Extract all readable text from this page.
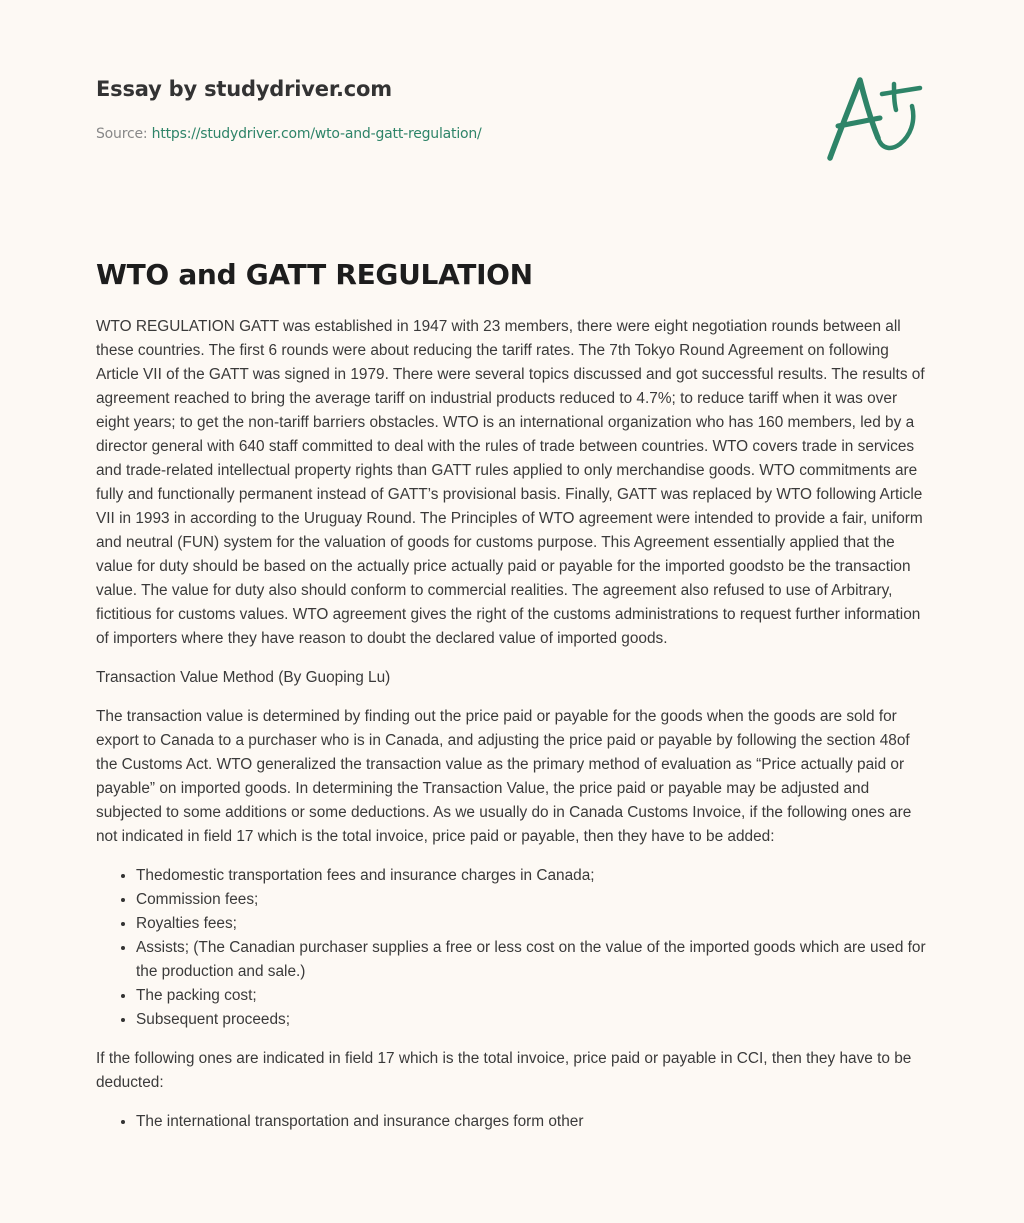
Essay by studydriver.com
Source: https://studydriver.com/wto-and-gatt-regulation/
WTO and GATT REGULATION

WTO REGULATION GATT was established in 1947 with 23 members, there were eight negotiation rounds between all these countries. The first 6 rounds were about reducing the tariff rates. The 7th Tokyo Round Agreement on following Article VII of the GATT was signed in 1979. There were several topics discussed and got successful results. The results of agreement reached to bring the average tariff on industrial products reduced to 4.7%; to reduce tariff when it was over eight years; to get the non-tariff barriers obstacles. WTO is an international organization who has 160 members, led by a director general with 640 staff committed to deal with the rules of trade between countries. WTO covers trade in services and trade-related intellectual property rights than GATT rules applied to only merchandise goods. WTO commitments are fully and functionally permanent instead of GATT’s provisional basis. Finally, GATT was replaced by WTO following Article VII in 1993 in according to the Uruguay Round. The Principles of WTO agreement were intended to provide a fair, uniform and neutral (FUN) system for the valuation of goods for customs purpose. This Agreement essentially applied that the value for duty should be based on the actually price actually paid or payable for the imported goodsto be the transaction value. The value for duty also should conform to commercial realities. The agreement also refused to use of Arbitrary, fictitious for customs values. WTO agreement gives the right of the customs administrations to request further information of importers where they have reason to doubt the declared value of imported goods.

Transaction Value Method (By Guoping Lu)

The transaction value is determined by finding out the price paid or payable for the goods when the goods are sold for export to Canada to a purchaser who is in Canada, and adjusting the price paid or payable by following the section 48of the Customs Act. WTO generalized the transaction value as the primary method of evaluation as “Price actually paid or payable” on imported goods. In determining the Transaction Value, the price paid or payable may be adjusted and subjected to some additions or some deductions. As we usually do in Canada Customs Invoice, if the following ones are not indicated in field 17 which is the total invoice, price paid or payable, then they have to be added:

• Thedomestic transportation fees and insurance charges in Canada;
• Commission fees;
• Royalties fees;
• Assists; (The Canadian purchaser supplies a free or less cost on the value of the imported goods which are used for the production and sale.)
• The packing cost;
• Subsequent proceeds;

If the following ones are indicated in field 17 which is the total invoice, price paid or payable in CCI, then they have to be deducted:

• The international transportation and insurance charges form other
